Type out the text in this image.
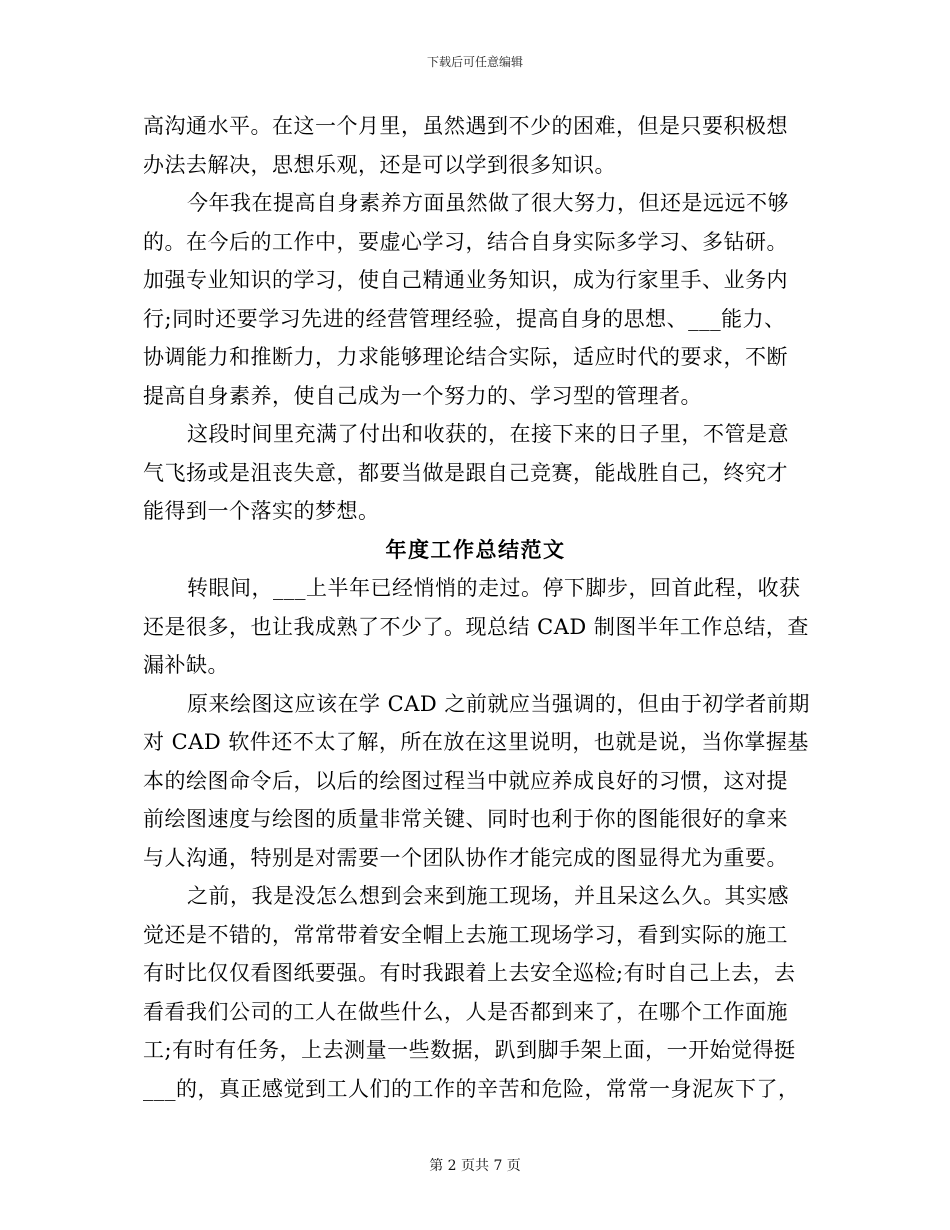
下载后可任意编辑
高沟通水平。在这一个月里，虽然遇到不少的困难，但是只要积极想
办法去解决，思想乐观，还是可以学到很多知识。
今年我在提高自身素养方面虽然做了很大努力，但还是远远不够
的。在今后的工作中，要虚心学习，结合自身实际多学习、多钻研。
加强专业知识的学习，使自己精通业务知识，成为行家里手、业务内
行;同时还要学习先进的经营管理经验，提高自身的思想、___能力、
协调能力和推断力，力求能够理论结合实际，适应时代的要求，不断
提高自身素养，使自己成为一个努力的、学习型的管理者。
这段时间里充满了付出和收获的，在接下来的日子里，不管是意
气飞扬或是沮丧失意，都要当做是跟自己竞赛，能战胜自己，终究才
能得到一个落实的梦想。
年度工作总结范文
转眼间，___上半年已经悄悄的走过。停下脚步，回首此程，收获
还是很多，也让我成熟了不少了。现总结 CAD 制图半年工作总结，查
漏补缺。
原来绘图这应该在学 CAD 之前就应当强调的，但由于初学者前期
对 CAD 软件还不太了解，所在放在这里说明，也就是说，当你掌握基
本的绘图命令后，以后的绘图过程当中就应养成良好的习惯，这对提
前绘图速度与绘图的质量非常关键、同时也利于你的图能很好的拿来
与人沟通，特别是对需要一个团队协作才能完成的图显得尤为重要。
之前，我是没怎么想到会来到施工现场，并且呆这么久。其实感
觉还是不错的，常常带着安全帽上去施工现场学习，看到实际的施工
有时比仅仅看图纸要强。有时我跟着上去安全巡检;有时自己上去，去
看看我们公司的工人在做些什么，人是否都到来了，在哪个工作面施
工;有时有任务，上去测量一些数据，趴到脚手架上面，一开始觉得挺
___的，真正感觉到工人们的工作的辛苦和危险，常常一身泥灰下了，
第 2 页共 7 页
